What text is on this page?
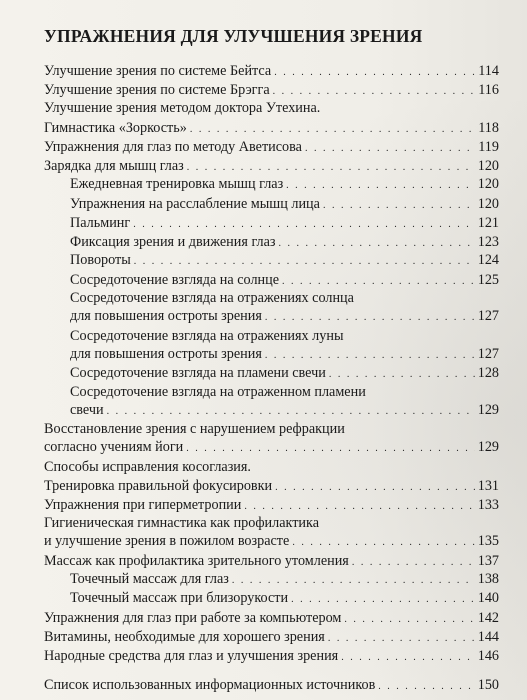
УПРАЖНЕНИЯ ДЛЯ УЛУЧШЕНИЯ ЗРЕНИЯ
Улучшение зрения по системе Бейтса . . .	114
Улучшение зрения по системе Брэгга . . .	116
Улучшение зрения методом доктора Утехина.
Гимнастика «Зоркость» . . .	118
Упражнения для глаз по методу Аветисова . . .	119
Зарядка для мышц глаз . . .	120
Ежедневная тренировка мышц глаз . . .	120
Упражнения на расслабление мышц лица . . .	120
Пальминг . . .	121
Фиксация зрения и движения глаз . . .	123
Повороты . . .	124
Сосредоточение взгляда на солнце . . .	125
Сосредоточение взгляда на отражениях солнца
для повышения остроты зрения . . .	127
Сосредоточение взгляда на отражениях луны
для повышения остроты зрения . . .	127
Сосредоточение взгляда на пламени свечи . . .	128
Сосредоточение взгляда на отраженном пламени
свечи . . .	129
Восстановление зрения с нарушением рефракции
согласно учениям йоги . . .	129
Способы исправления косоглазия.
Тренировка правильной фокусировки . . .	131
Упражнения при гиперметропии . . .	133
Гигиеническая гимнастика как профилактика
и улучшение зрения в пожилом возрасте . . .	135
Массаж как профилактика зрительного утомления . . .	137
Точечный массаж для глаз . . .	138
Точечный массаж при близорукости . . .	140
Упражнения для глаз при работе за компьютером . . .	142
Витамины, необходимые для хорошего зрения . . .	144
Народные средства для глаз и улучшения зрения . . .	146
Список использованных информационных источников . . .	150
